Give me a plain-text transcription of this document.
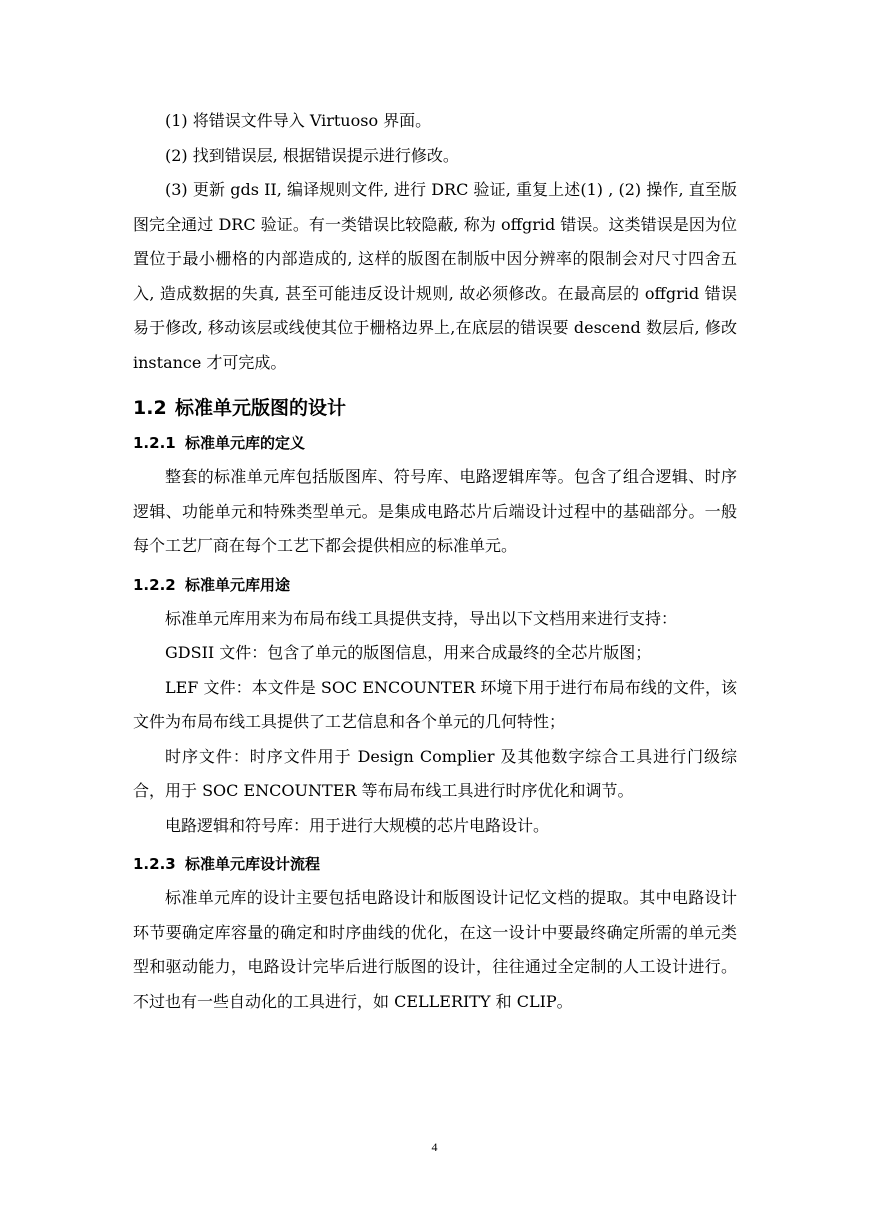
(1) 将错误文件导入 Virtuoso 界面。

(2) 找到错误层, 根据错误提示进行修改。

(3) 更新 gds II, 编译规则文件, 进行 DRC 验证, 重复上述(1) , (2) 操作, 直至版图完全通过 DRC 验证。有一类错误比较隐蔽, 称为 offgrid 错误。这类错误是因为位置位于最小栅格的内部造成的, 这样的版图在制版中因分辨率的限制会对尺寸四舍五入, 造成数据的失真, 甚至可能违反设计规则, 故必须修改。在最高层的 offgrid 错误易于修改, 移动该层或线使其位于栅格边界上,在底层的错误要 descend 数层后, 修改 instance 才可完成。

1.2 标准单元版图的设计
1.2.1 标准单元库的定义

整套的标准单元库包括版图库、符号库、电路逻辑库等。包含了组合逻辑、时序逻辑、功能单元和特殊类型单元。是集成电路芯片后端设计过程中的基础部分。一般每个工艺厂商在每个工艺下都会提供相应的标准单元。

1.2.2 标准单元库用途

标准单元库用来为布局布线工具提供支持，导出以下文档用来进行支持：

GDSII 文件：包含了单元的版图信息，用来合成最终的全芯片版图；

LEF 文件：本文件是 SOC ENCOUNTER 环境下用于进行布局布线的文件，该文件为布局布线工具提供了工艺信息和各个单元的几何特性；

时序文件：时序文件用于 Design Complier 及其他数字综合工具进行门级综合，用于 SOC ENCOUNTER 等布局布线工具进行时序优化和调节。

电路逻辑和符号库：用于进行大规模的芯片电路设计。

1.2.3 标准单元库设计流程

标准单元库的设计主要包括电路设计和版图设计记忆文档的提取。其中电路设计环节要确定库容量的确定和时序曲线的优化，在这一设计中要最终确定所需的单元类型和驱动能力，电路设计完毕后进行版图的设计，往往通过全定制的人工设计进行。不过也有一些自动化的工具进行，如 CELLERITY 和 CLIP。

4
